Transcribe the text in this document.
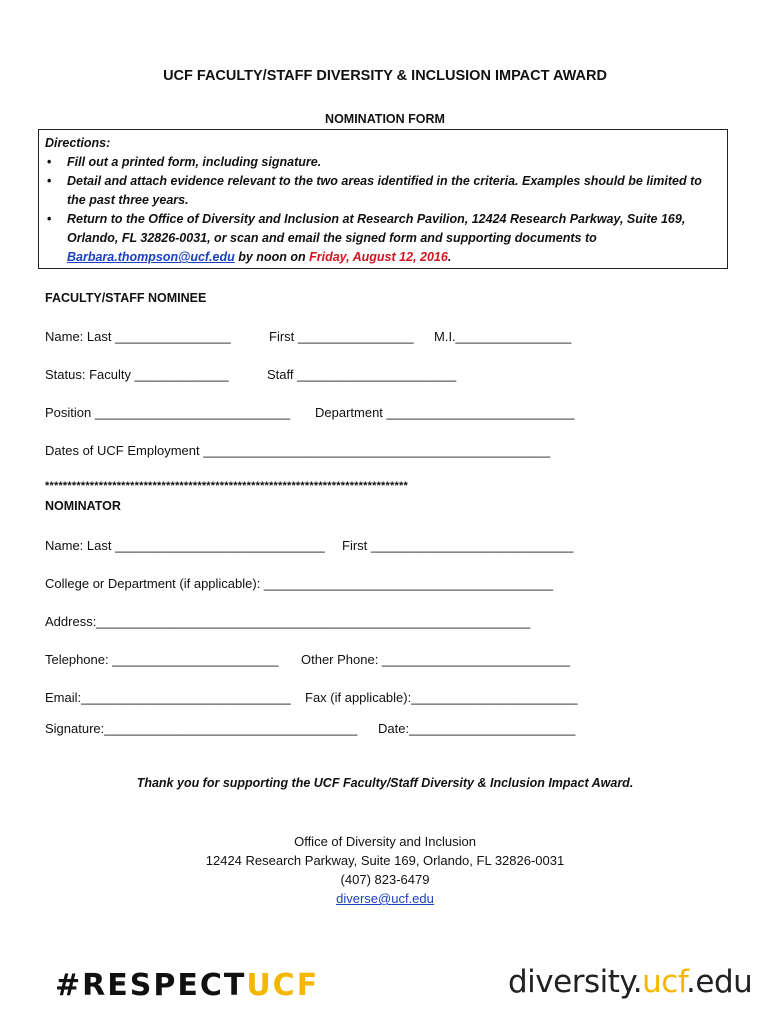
UCF FACULTY/STAFF DIVERSITY & INCLUSION IMPACT AWARD
NOMINATION FORM
Directions:
• Fill out a printed form, including signature.
• Detail and attach evidence relevant to the two areas identified in the criteria. Examples should be limited to the past three years.
• Return to the Office of Diversity and Inclusion at Research Pavilion, 12424 Research Parkway, Suite 169, Orlando, FL 32826-0031, or scan and email the signed form and supporting documents to Barbara.thompson@ucf.edu by noon on Friday, August 12, 2016.
FACULTY/STAFF NOMINEE
Name: Last ________________	First ________________ M.I.________________
Status: Faculty _____________	Staff ______________________
Position ___________________________ Department __________________________
Dates of UCF Employment ________________________________________________
*********************************************************************************
NOMINATOR
Name: Last _____________________________ First ____________________________
College or Department (if applicable): ________________________________________
Address:____________________________________________________________
Telephone: _______________________ Other Phone: __________________________
Email:_____________________________ Fax (if applicable):_______________________
Signature:___________________________________ Date:_______________________
Thank you for supporting the UCF Faculty/Staff Diversity & Inclusion Impact Award.
Office of Diversity and Inclusion
12424 Research Parkway, Suite 169, Orlando, FL 32826-0031
(407) 823-6479
diverse@ucf.edu
#RESPECTUCF	diversity.ucf.edu
